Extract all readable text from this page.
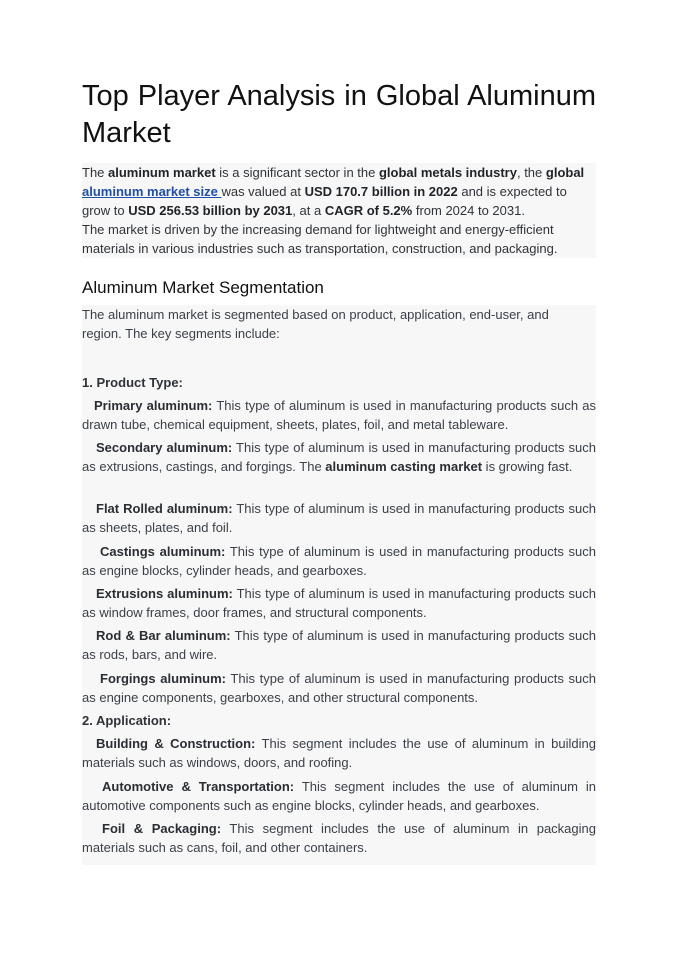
Top Player Analysis in Global Aluminum Market

The aluminum market is a significant sector in the global metals industry, the global aluminum market size was valued at USD 170.7 billion in 2022 and is expected to grow to USD 256.53 billion by 2031, at a CAGR of 5.2% from 2024 to 2031.

The market is driven by the increasing demand for lightweight and energy-efficient materials in various industries such as transportation, construction, and packaging.

Aluminum Market Segmentation

The aluminum market is segmented based on product, application, end-user, and region. The key segments include:

1. Product Type:

Primary aluminum: This type of aluminum is used in manufacturing products such as drawn tube, chemical equipment, sheets, plates, foil, and metal tableware.

Secondary aluminum: This type of aluminum is used in manufacturing products such as extrusions, castings, and forgings. The aluminum casting market is growing fast.

Flat Rolled aluminum: This type of aluminum is used in manufacturing products such as sheets, plates, and foil.

Castings aluminum: This type of aluminum is used in manufacturing products such as engine blocks, cylinder heads, and gearboxes.

Extrusions aluminum: This type of aluminum is used in manufacturing products such as window frames, door frames, and structural components.

Rod & Bar aluminum: This type of aluminum is used in manufacturing products such as rods, bars, and wire.

Forgings aluminum: This type of aluminum is used in manufacturing products such as engine components, gearboxes, and other structural components.

2. Application:

Building & Construction: This segment includes the use of aluminum in building materials such as windows, doors, and roofing.

Automotive & Transportation: This segment includes the use of aluminum in automotive components such as engine blocks, cylinder heads, and gearboxes.

Foil & Packaging: This segment includes the use of aluminum in packaging materials such as cans, foil, and other containers.
